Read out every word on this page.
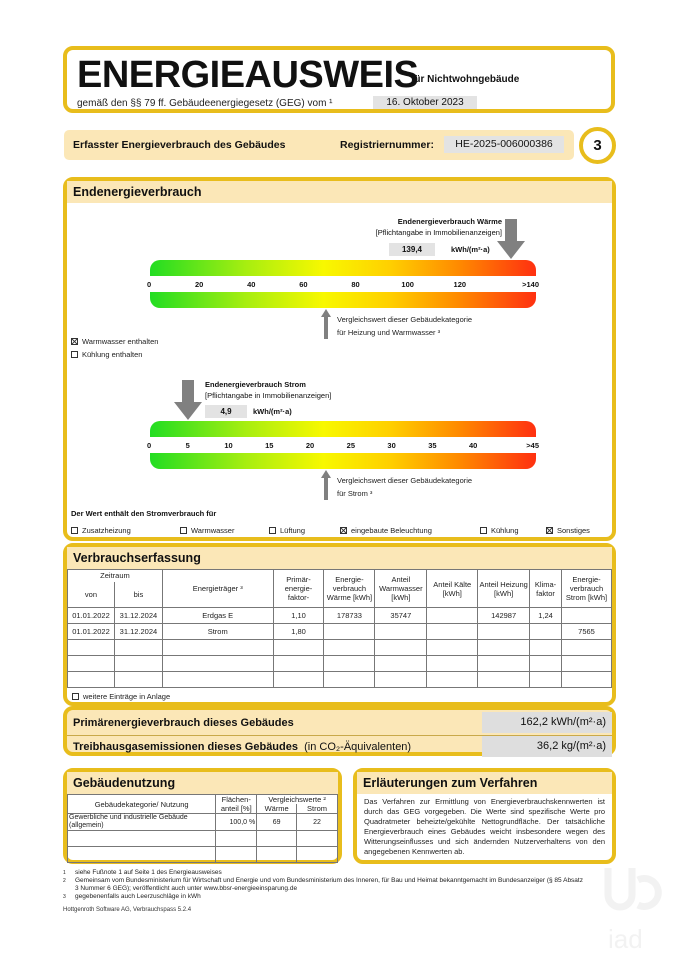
ENERGIEAUSWEIS
für Nichtwohngebäude
gemäß den §§ 79 ff. Gebäudeenergiegesetz (GEG) vom ¹	16. Oktober 2023
Erfasster Energieverbrauch des Gebäudes	Registriernummer:	HE-2025-006000386	3
Endenergieverbrauch
Endenergieverbrauch Wärme
[Pflichtangabe in Immobilienanzeigen]
139,4	kWh/(m²·a)
0	20	40	60	80	100	120	>140
Vergleichswert dieser Gebäudekategorie
für Heizung und Warmwasser ³
Warmwasser enthalten
Kühlung enthalten
Endenergieverbrauch Strom
[Pflichtangabe in Immobilienanzeigen]
4,9	kWh/(m²·a)
0	5	10	15	20	25	30	35	40	>45
Vergleichswert dieser Gebäudekategorie
für Strom ³
Der Wert enthält den Stromverbrauch für
Zusatzheizung	Warmwasser	Lüftung	eingebaute Beleuchtung	Kühlung	Sonstiges
Verbrauchserfassung
Zeitraum		Energieträger ³	Primär- energie- faktor-	Energie- verbrauch Wärme [kWh]	Anteil Warmwasser [kWh]	Anteil Kälte [kWh]	Anteil Heizung [kWh]	Klima- faktor	Energie- verbrauch Strom [kWh]
von	bis								
01.01.2022	31.12.2024	Erdgas E	1,10	178733	35747		142987	1,24	
01.01.2022	31.12.2024	Strom	1,80						7565

weitere Einträge in Anlage
Primärenergieverbrauch dieses Gebäudes	162,2 kWh/(m²·a)
Treibhausgasemissionen dieses Gebäudes (in CO₂-Äquivalenten)	36,2 kg/(m²·a)
Gebäudenutzung
Gebäudekategorie/ Nutzung	Flächen- anteil [%]	Vergleichswerte ²	
		Wärme	Strom
Gewerbliche und industrielle Gebäude (allgemein)	100,0 %	69	22

Erläuterungen zum Verfahren
Das Verfahren zur Ermittlung von Energieverbrauchskennwerten ist durch das GEG vorgegeben. Die Werte sind spezifische Werte pro Quadratmeter beheizte/gekühlte Nettogrundfläche. Der tatsächliche Energieverbrauch eines Gebäudes weicht insbesondere wegen des Witterungseinflusses und sich ändernden Nutzerverhaltens von den angegebenen Kennwerten ab.
1	siehe Fußnote 1 auf Seite 1 des Energieausweises
2	Gemeinsam vom Bundesministerium für Wirtschaft und Energie und vom Bundesministerium des Inneren, für Bau und Heimat bekanntgemacht im Bundesanzeiger (§ 85 Absatz 3 Nummer 6 GEG); veröffentlicht auch unter www.bbsr-energieeinsparung.de
3	gegebenenfalls auch Leerzuschläge in kWh
Hottgenroth Software AG, Verbrauchspass 5.2.4
iad
